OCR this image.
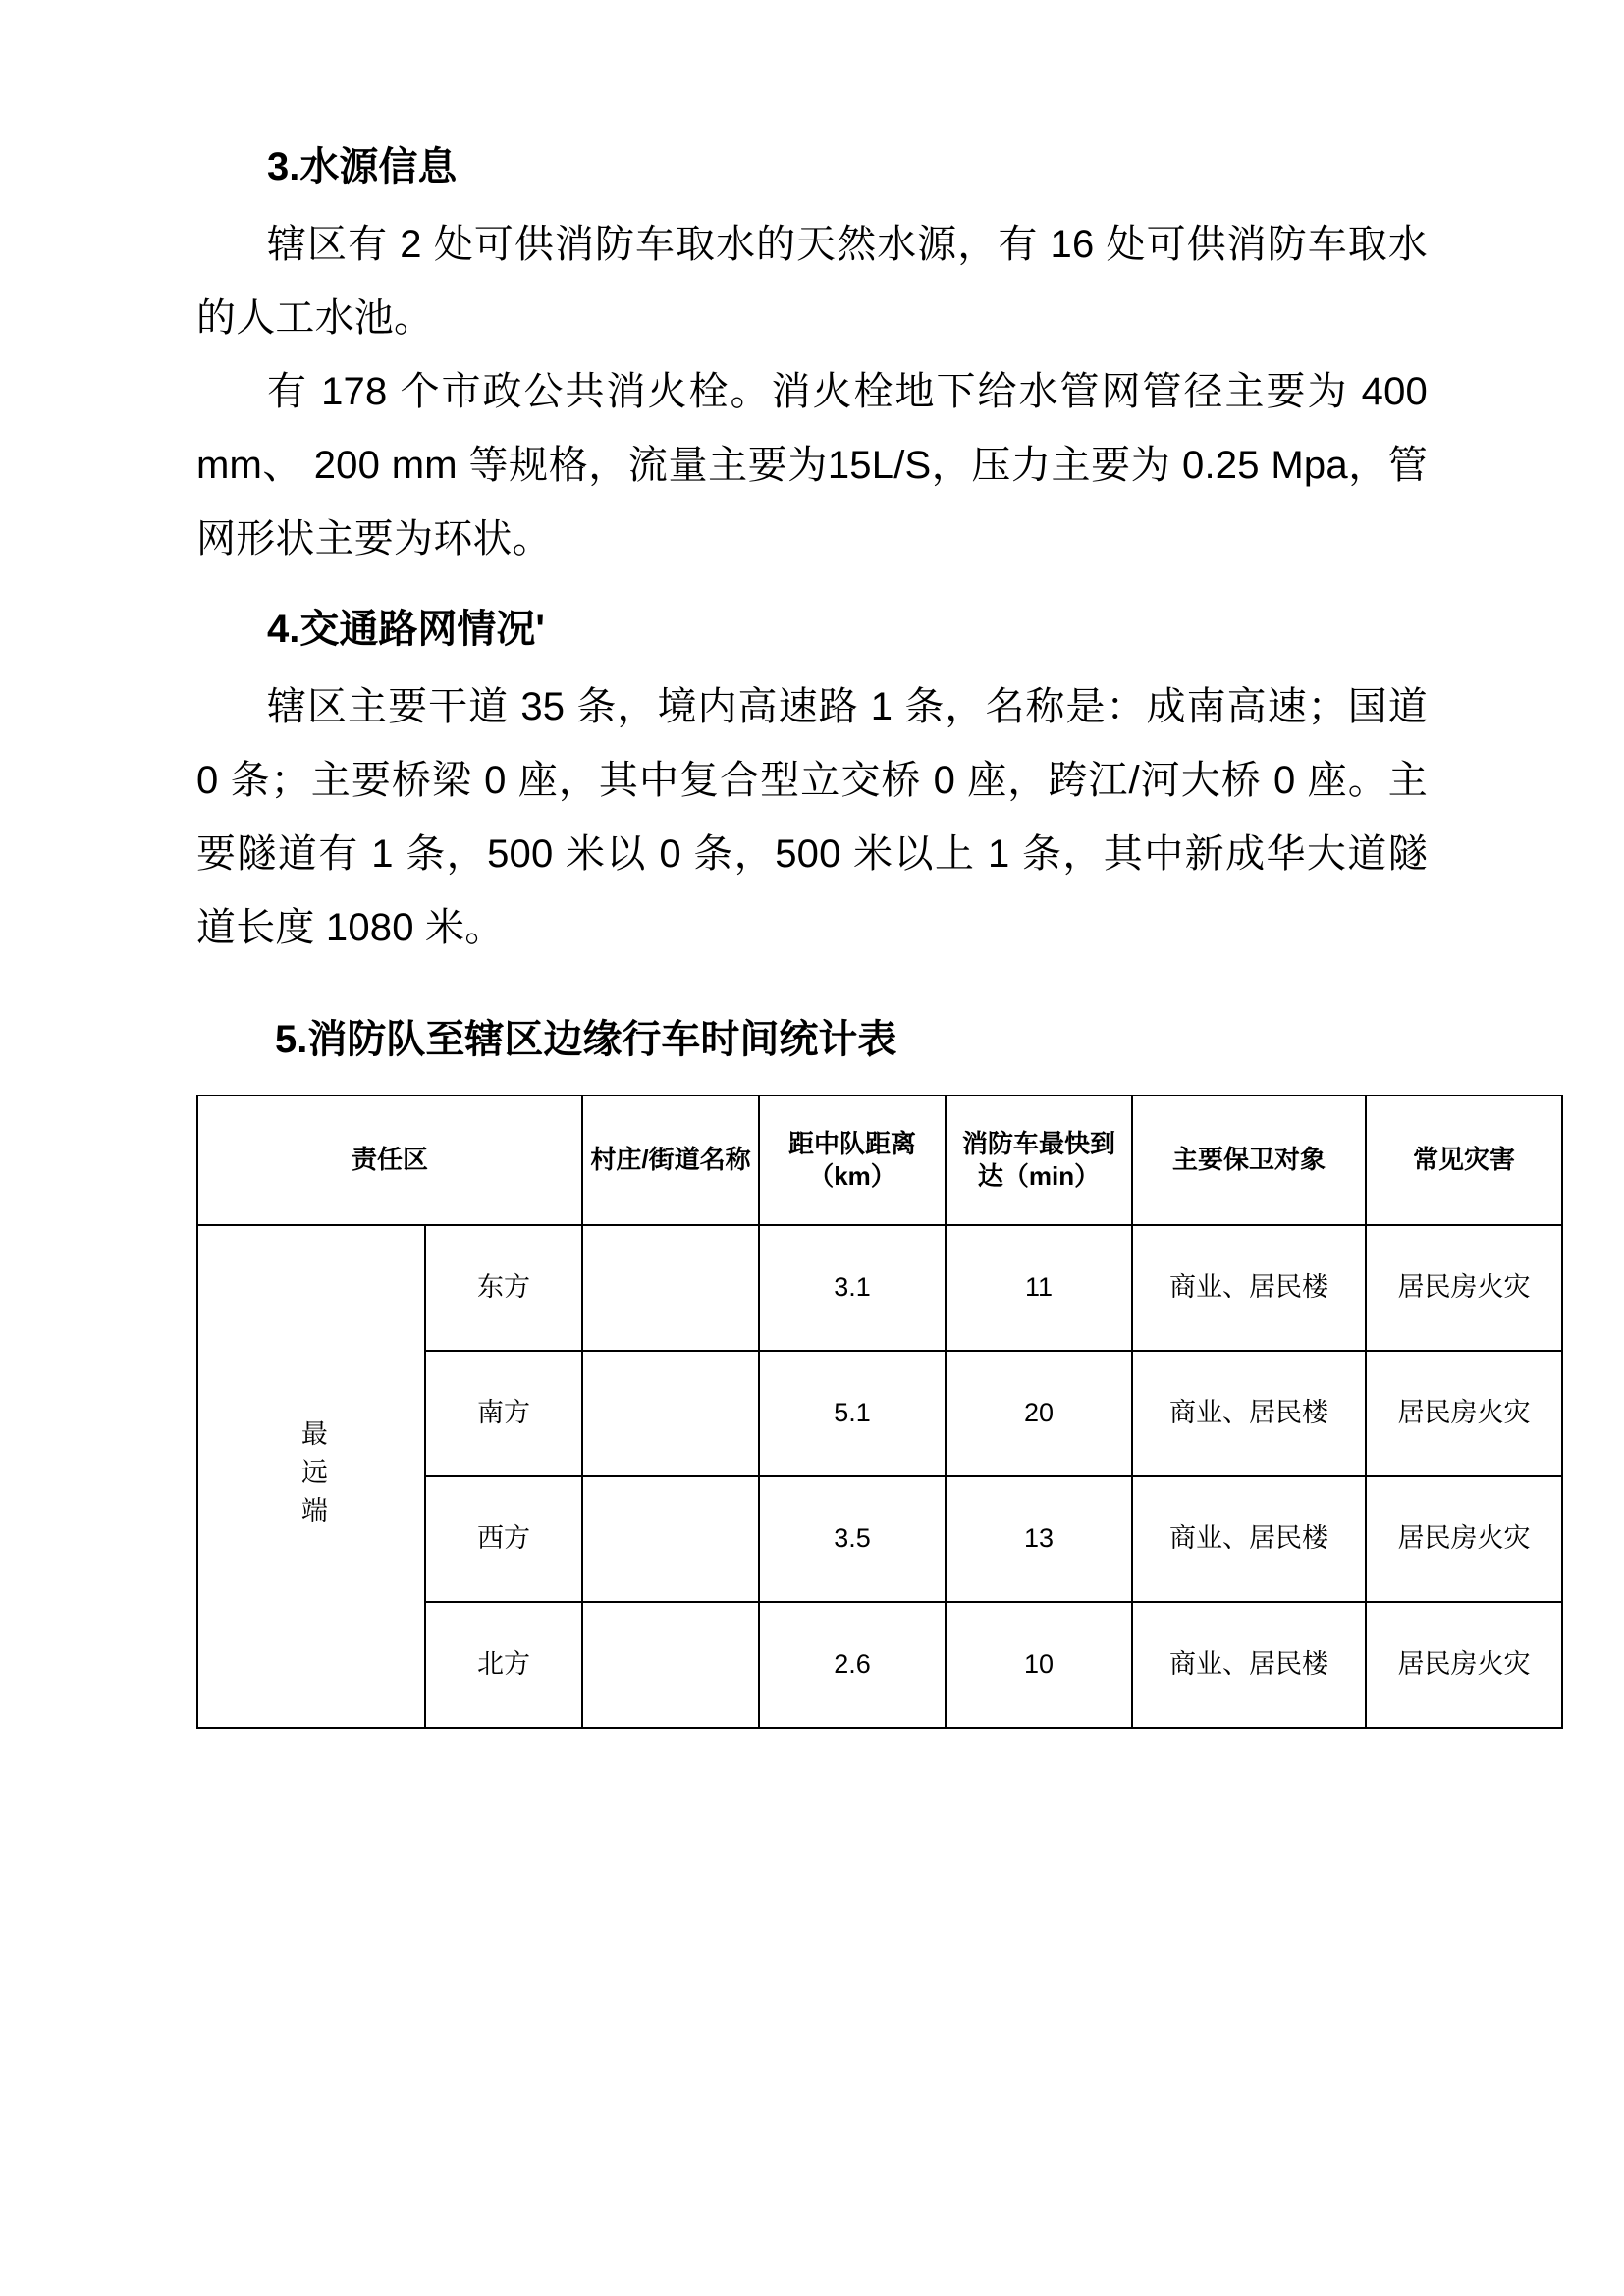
3.水源信息

辖区有 2 处可供消防车取水的天然水源，有 16 处可供消防车取水的人工水池。

有 178 个市政公共消火栓。消火栓地下给水管网管径主要为 400 mm、 200 mm 等规格，流量主要为15L/S，压力主要为 0.25 Mpa，管网形状主要为环状。

4.交通路网情况'

辖区主要干道 35 条，境内高速路 1 条，名称是：成南高速；国道 0 条；主要桥梁 0 座，其中复合型立交桥 0 座，跨江/河大桥 0 座。主要隧道有 1 条，500 米以 0 条，500 米以上 1 条，其中新成华大道隧道长度 1080 米。

5.消防队至辖区边缘行车时间统计表
责任区		村庄/街道名称	距中队距离（km）	消防车最快到达（min）	主要保卫对象	常见灾害
最远端	东方		3.1	11	商业、居民楼	居民房火灾
	南方		5.1	20	商业、居民楼	居民房火灾
	西方		3.5	13	商业、居民楼	居民房火灾
	北方		2.6	10	商业、居民楼	居民房火灾
